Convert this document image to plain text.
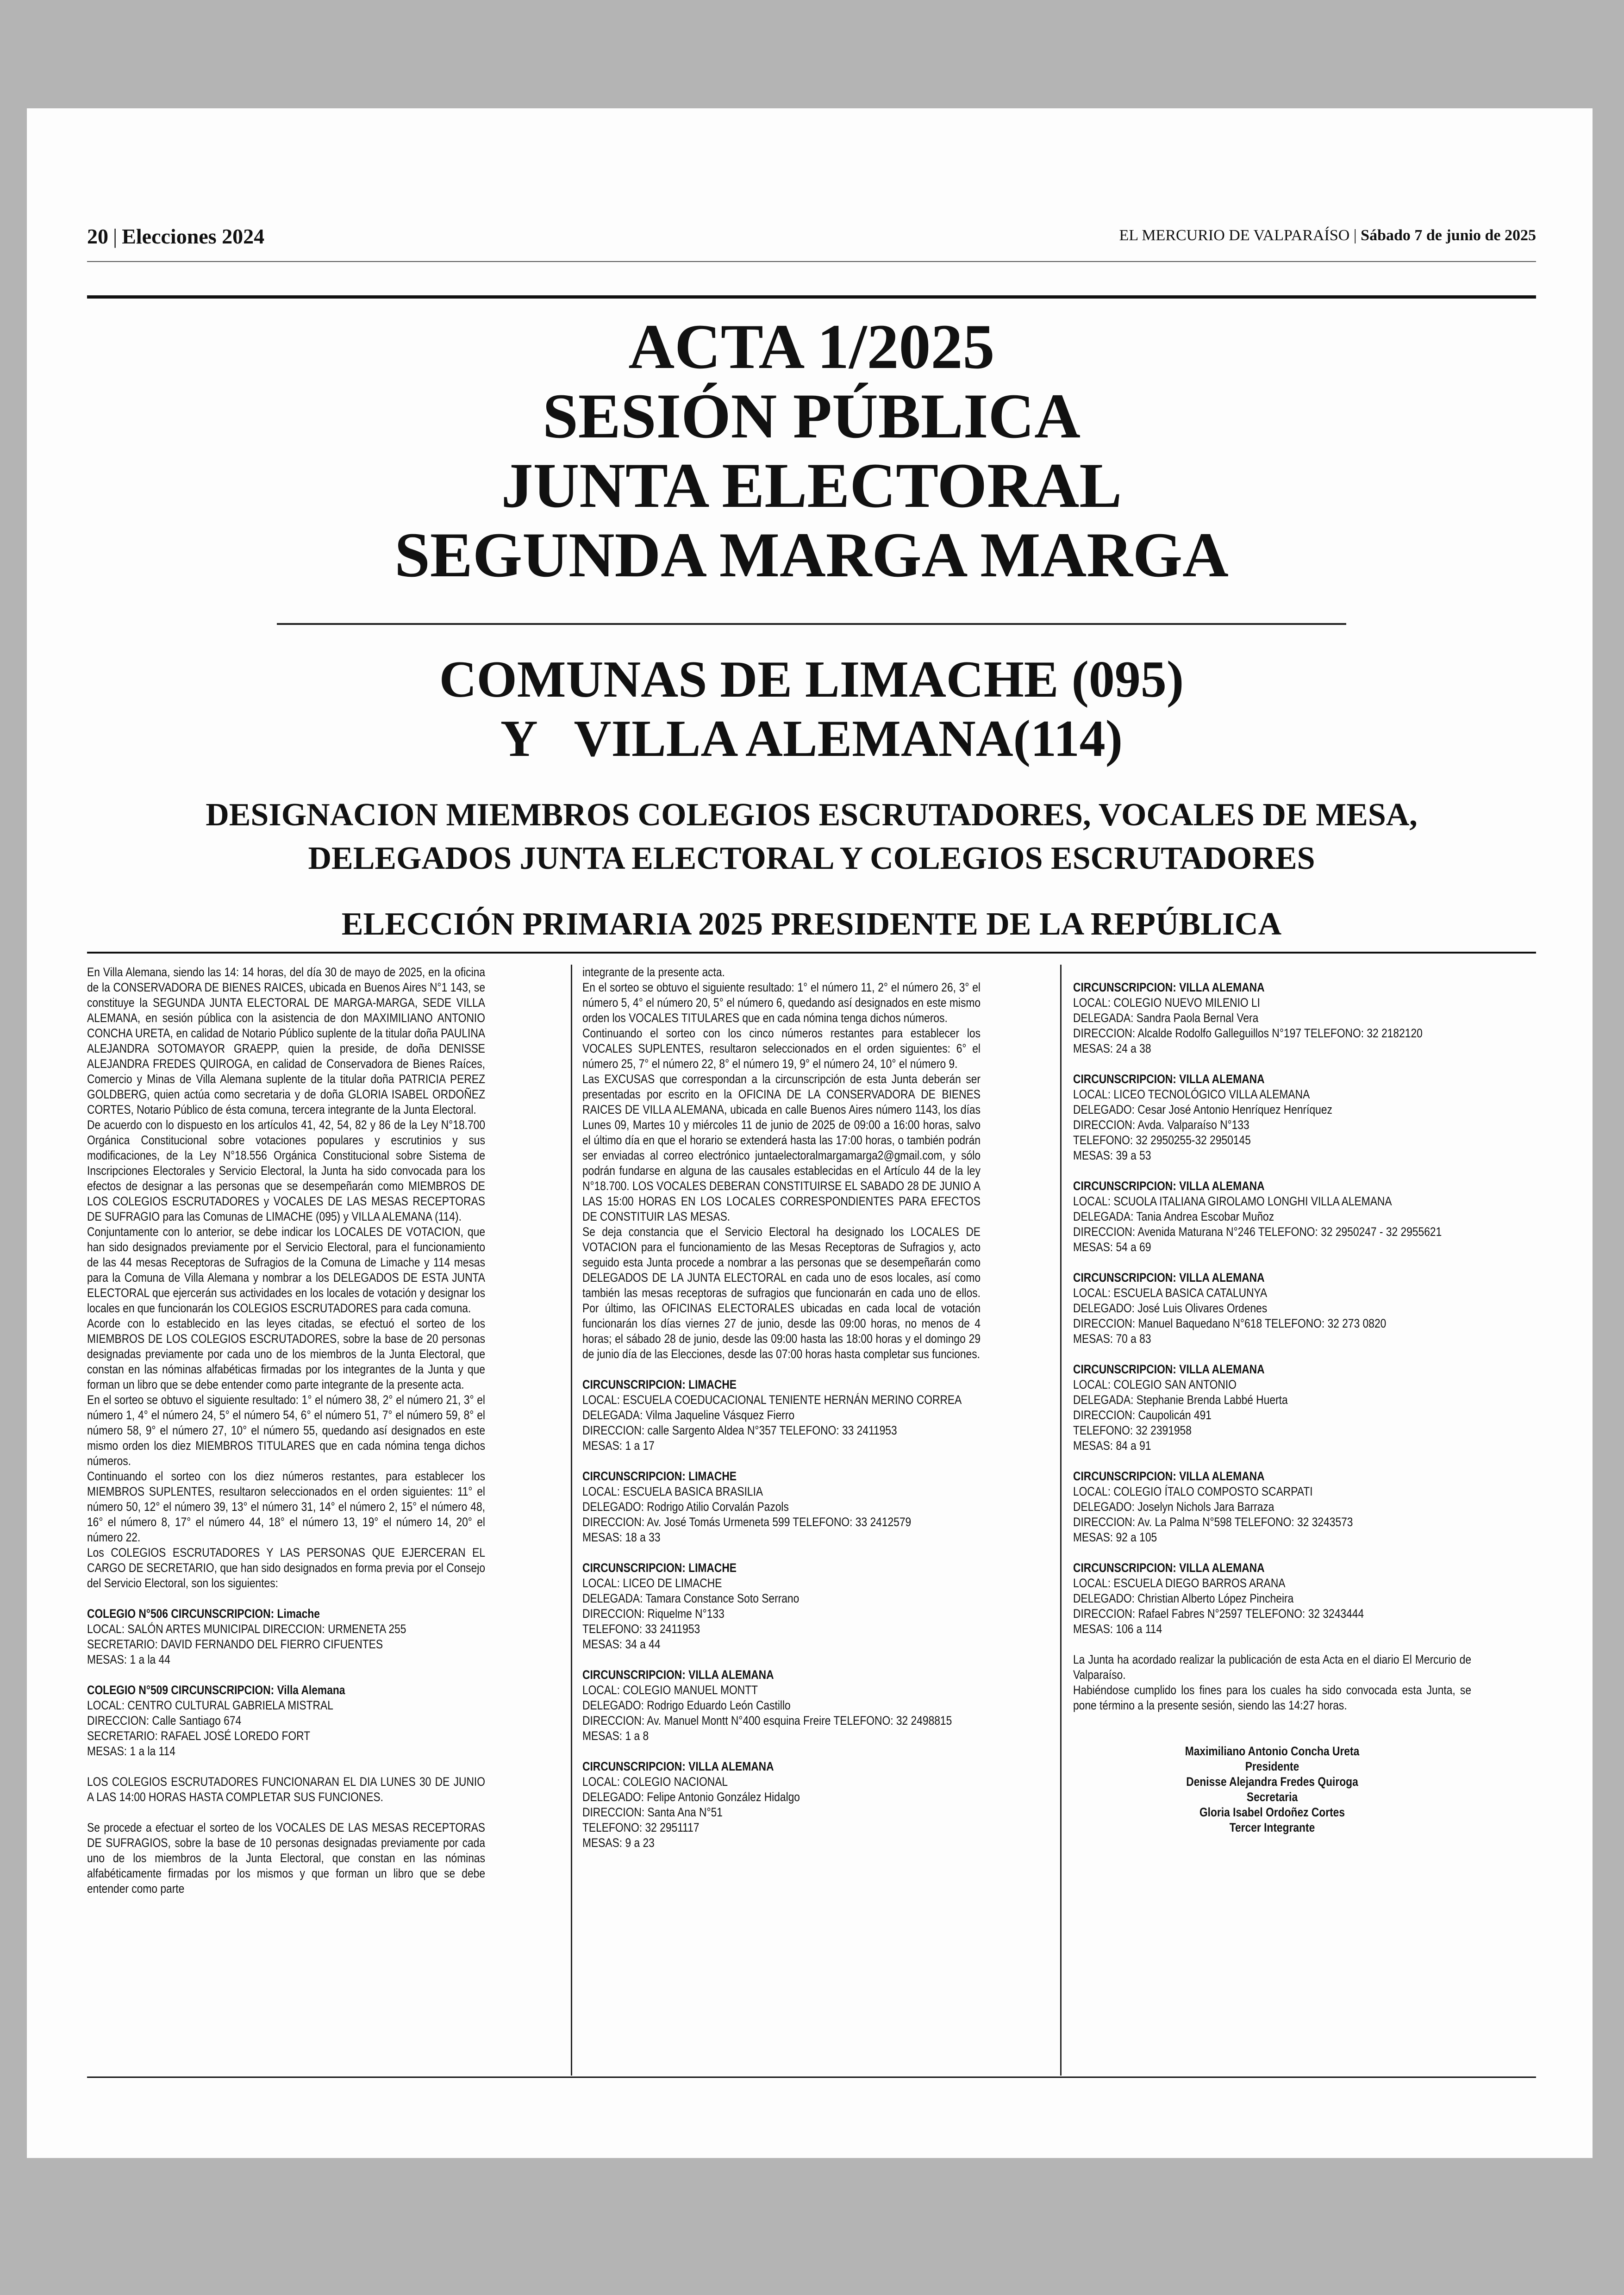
20 | Elecciones 2024	EL MERCURIO DE VALPARAÍSO | Sábado 7 de junio de 2025
ACTA 1/2025
SESIÓN PÚBLICA
JUNTA ELECTORAL
SEGUNDA MARGA MARGA
COMUNAS DE LIMACHE (095)
Y   VILLA ALEMANA(114)
DESIGNACION MIEMBROS COLEGIOS ESCRUTADORES, VOCALES DE MESA,
DELEGADOS JUNTA ELECTORAL Y COLEGIOS ESCRUTADORES
ELECCIÓN PRIMARIA 2025 PRESIDENTE DE LA REPÚBLICA

En Villa Alemana, siendo las 14: 14 horas, del día 30 de mayo de 2025, en la oficina de la CONSERVADORA DE BIENES RAICES, ubicada en Buenos Aires N°1 143, se constituye la SEGUNDA JUNTA ELECTORAL DE MARGA-MARGA, SEDE VILLA ALEMANA, en sesión pública con la asistencia de don MAXIMILIANO ANTONIO CONCHA URETA, en calidad de Notario Público suplente de la titular doña PAULINA ALEJANDRA SOTOMAYOR GRAEPP, quien la preside, de doña DENISSE ALEJANDRA FREDES QUIROGA, en calidad de Conservadora de Bienes Raíces, Comercio y Minas de Villa Alemana suplente de la titular doña PATRICIA PEREZ GOLDBERG, quien actúa como secretaria y de doña GLORIA ISABEL ORDOÑEZ CORTES, Notario Público de ésta comuna, tercera integrante de la Junta Electoral.

De acuerdo con lo dispuesto en los artículos 41, 42, 54, 82 y 86 de la Ley N°18.700 Orgánica Constitucional sobre votaciones populares y escrutinios y sus modificaciones, de la Ley N°18.556 Orgánica Constitucional sobre Sistema de Inscripciones Electorales y Servicio Electoral, la Junta ha sido convocada para los efectos de designar a las personas que se desempeñarán como MIEMBROS DE LOS COLEGIOS ESCRUTADORES y VOCALES DE LAS MESAS RECEPTORAS DE SUFRAGIO para las Comunas de LIMACHE (095) y VILLA ALEMANA (114).

Conjuntamente con lo anterior, se debe indicar los LOCALES DE VOTACION, que han sido designados previamente por el Servicio Electoral, para el funcionamiento de las 44 mesas Receptoras de Sufragios de la Comuna de Limache y 114 mesas para la Comuna de Villa Alemana y nombrar a los DELEGADOS DE ESTA JUNTA ELECTORAL que ejercerán sus actividades en los locales de votación y designar los locales en que funcionarán los COLEGIOS ESCRUTADORES para cada comuna.

Acorde con lo establecido en las leyes citadas, se efectuó el sorteo de los MIEMBROS DE LOS COLEGIOS ESCRUTADORES, sobre la base de 20 personas designadas previamente por cada uno de los miembros de la Junta Electoral, que constan en las nóminas alfabéticas firmadas por los integrantes de la Junta y que forman un libro que se debe entender como parte integrante de la presente acta.

En el sorteo se obtuvo el siguiente resultado: 1° el número 38, 2° el número 21, 3° el número 1, 4° el número 24, 5° el número 54, 6° el número 51, 7° el número 59, 8° el número 58, 9° el número 27, 10° el número 55, quedando así designados en este mismo orden los diez MIEMBROS TITULARES que en cada nómina tenga dichos números.

Continuando el sorteo con los diez números restantes, para establecer los MIEMBROS SUPLENTES, resultaron seleccionados en el orden siguientes: 11° el número 50, 12° el número 39, 13° el número 31, 14° el número 2, 15° el número 48, 16° el número 8, 17° el número 44, 18° el número 13, 19° el número 14, 20° el número 22.

Los COLEGIOS ESCRUTADORES Y LAS PERSONAS QUE EJERCERAN EL CARGO DE SECRETARIO, que han sido designados en forma previa por el Consejo del Servicio Electoral, son los siguientes:

COLEGIO N°506 CIRCUNSCRIPCION: Limache

LOCAL: SALÓN ARTES MUNICIPAL DIRECCION: URMENETA 255

SECRETARIO: DAVID FERNANDO DEL FIERRO CIFUENTES

MESAS: 1 a la 44

COLEGIO N°509 CIRCUNSCRIPCION: Villa Alemana

LOCAL: CENTRO CULTURAL GABRIELA MISTRAL

DIRECCION: Calle Santiago 674

SECRETARIO: RAFAEL JOSÉ LOREDO FORT

MESAS: 1 a la 114

LOS COLEGIOS ESCRUTADORES FUNCIONARAN EL DIA LUNES 30 DE JUNIO A LAS 14:00 HORAS HASTA COMPLETAR SUS FUNCIONES.

Se procede a efectuar el sorteo de los VOCALES DE LAS MESAS RECEPTORAS DE SUFRAGIOS, sobre la base de 10 personas designadas previamente por cada uno de los miembros de la Junta Electoral, que constan en las nóminas alfabéticamente firmadas por los mismos y que forman un libro que se debe entender como parte

integrante de la presente acta.

En el sorteo se obtuvo el siguiente resultado: 1° el número 11, 2° el número 26, 3° el número 5, 4° el número 20, 5° el número 6, quedando así designados en este mismo orden los VOCALES TITULARES que en cada nómina tenga dichos números.

Continuando el sorteo con los cinco números restantes para establecer los VOCALES SUPLENTES, resultaron seleccionados en el orden siguientes: 6° el número 25, 7° el número 22, 8° el número 19, 9° el número 24, 10° el número 9.

Las EXCUSAS que correspondan a la circunscripción de esta Junta deberán ser presentadas por escrito en la OFICINA DE LA CONSERVADORA DE BIENES RAICES DE VILLA ALEMANA, ubicada en calle Buenos Aires número 1143, los días Lunes 09, Martes 10 y miércoles 11 de junio de 2025 de 09:00 a 16:00 horas, salvo el último día en que el horario se extenderá hasta las 17:00 horas, o también podrán ser enviadas al correo electrónico juntaelectoralmargamarga2@gmail.com, y sólo podrán fundarse en alguna de las causales establecidas en el Artículo 44 de la ley N°18.700. LOS VOCALES DEBERAN CONSTITUIRSE EL SABADO 28 DE JUNIO A LAS 15:00 HORAS EN LOS LOCALES CORRESPONDIENTES PARA EFECTOS DE CONSTITUIR LAS MESAS.

Se deja constancia que el Servicio Electoral ha designado los LOCALES DE VOTACION para el funcionamiento de las Mesas Receptoras de Sufragios y, acto seguido esta Junta procede a nombrar a las personas que se desempeñarán como DELEGADOS DE LA JUNTA ELECTORAL en cada uno de esos locales, así como también las mesas receptoras de sufragios que funcionarán en cada uno de ellos. Por último, las OFICINAS ELECTORALES ubicadas en cada local de votación funcionarán los días viernes 27 de junio, desde las 09:00 horas, no menos de 4 horas; el sábado 28 de junio, desde las 09:00 hasta las 18:00 horas y el domingo 29 de junio día de las Elecciones, desde las 07:00 horas hasta completar sus funciones.

CIRCUNSCRIPCION: LIMACHE

LOCAL: ESCUELA COEDUCACIONAL TENIENTE HERNÁN MERINO CORREA

DELEGADA: Vilma Jaqueline Vásquez Fierro

DIRECCION: calle Sargento Aldea N°357 TELEFONO: 33 2411953

MESAS: 1 a 17

CIRCUNSCRIPCION: LIMACHE

LOCAL: ESCUELA BASICA BRASILIA

DELEGADO: Rodrigo Atilio Corvalán Pazols

DIRECCION: Av. José Tomás Urmeneta 599 TELEFONO: 33 2412579

MESAS: 18 a 33

CIRCUNSCRIPCION: LIMACHE

LOCAL: LICEO DE LIMACHE

DELEGADA: Tamara Constance Soto Serrano

DIRECCION: Riquelme N°133

TELEFONO: 33 2411953

MESAS: 34 a 44

CIRCUNSCRIPCION: VILLA ALEMANA

LOCAL: COLEGIO MANUEL MONTT

DELEGADO: Rodrigo Eduardo León Castillo

DIRECCION: Av. Manuel Montt N°400 esquina Freire TELEFONO: 32 2498815

MESAS: 1 a 8

CIRCUNSCRIPCION: VILLA ALEMANA

LOCAL: COLEGIO NACIONAL

DELEGADO: Felipe Antonio González Hidalgo

DIRECCION: Santa Ana N°51

TELEFONO: 32 2951117

MESAS: 9 a 23

CIRCUNSCRIPCION: VILLA ALEMANA

LOCAL: COLEGIO NUEVO MILENIO LI

DELEGADA: Sandra Paola Bernal Vera

DIRECCION: Alcalde Rodolfo Galleguillos N°197 TELEFONO: 32 2182120

MESAS: 24 a 38

CIRCUNSCRIPCION: VILLA ALEMANA

LOCAL: LICEO TECNOLÓGICO VILLA ALEMANA

DELEGADO: Cesar José Antonio Henríquez Henríquez

DIRECCION: Avda. Valparaíso N°133

TELEFONO: 32 2950255-32 2950145

MESAS: 39 a 53

CIRCUNSCRIPCION: VILLA ALEMANA

LOCAL: SCUOLA ITALIANA GIROLAMO LONGHI VILLA ALEMANA

DELEGADA: Tania Andrea Escobar Muñoz

DIRECCION: Avenida Maturana N°246 TELEFONO: 32 2950247 - 32 2955621

MESAS: 54 a 69

CIRCUNSCRIPCION: VILLA ALEMANA

LOCAL: ESCUELA BASICA CATALUNYA

DELEGADO: José Luis Olivares Ordenes

DIRECCION: Manuel Baquedano N°618 TELEFONO: 32 273 0820

MESAS: 70 a 83

CIRCUNSCRIPCION: VILLA ALEMANA

LOCAL: COLEGIO SAN ANTONIO

DELEGADA: Stephanie Brenda Labbé Huerta

DIRECCION: Caupolicán 491

TELEFONO: 32 2391958

MESAS: 84 a 91

CIRCUNSCRIPCION: VILLA ALEMANA

LOCAL: COLEGIO ÍTALO COMPOSTO SCARPATI

DELEGADO: Joselyn Nichols Jara Barraza

DIRECCION: Av. La Palma N°598 TELEFONO: 32 3243573

MESAS: 92 a 105

CIRCUNSCRIPCION: VILLA ALEMANA

LOCAL: ESCUELA DIEGO BARROS ARANA

DELEGADO: Christian Alberto López Pincheira

DIRECCION: Rafael Fabres N°2597 TELEFONO: 32 3243444

MESAS: 106 a 114

La Junta ha acordado realizar la publicación de esta Acta en el diario El Mercurio de Valparaíso.

Habiéndose cumplido los fines para los cuales ha sido convocada esta Junta, se pone término a la presente sesión, siendo las 14:27 horas.

Maximiliano Antonio Concha Ureta

Presidente

Denisse Alejandra Fredes Quiroga

Secretaria

Gloria Isabel Ordoñez Cortes

Tercer Integrante
